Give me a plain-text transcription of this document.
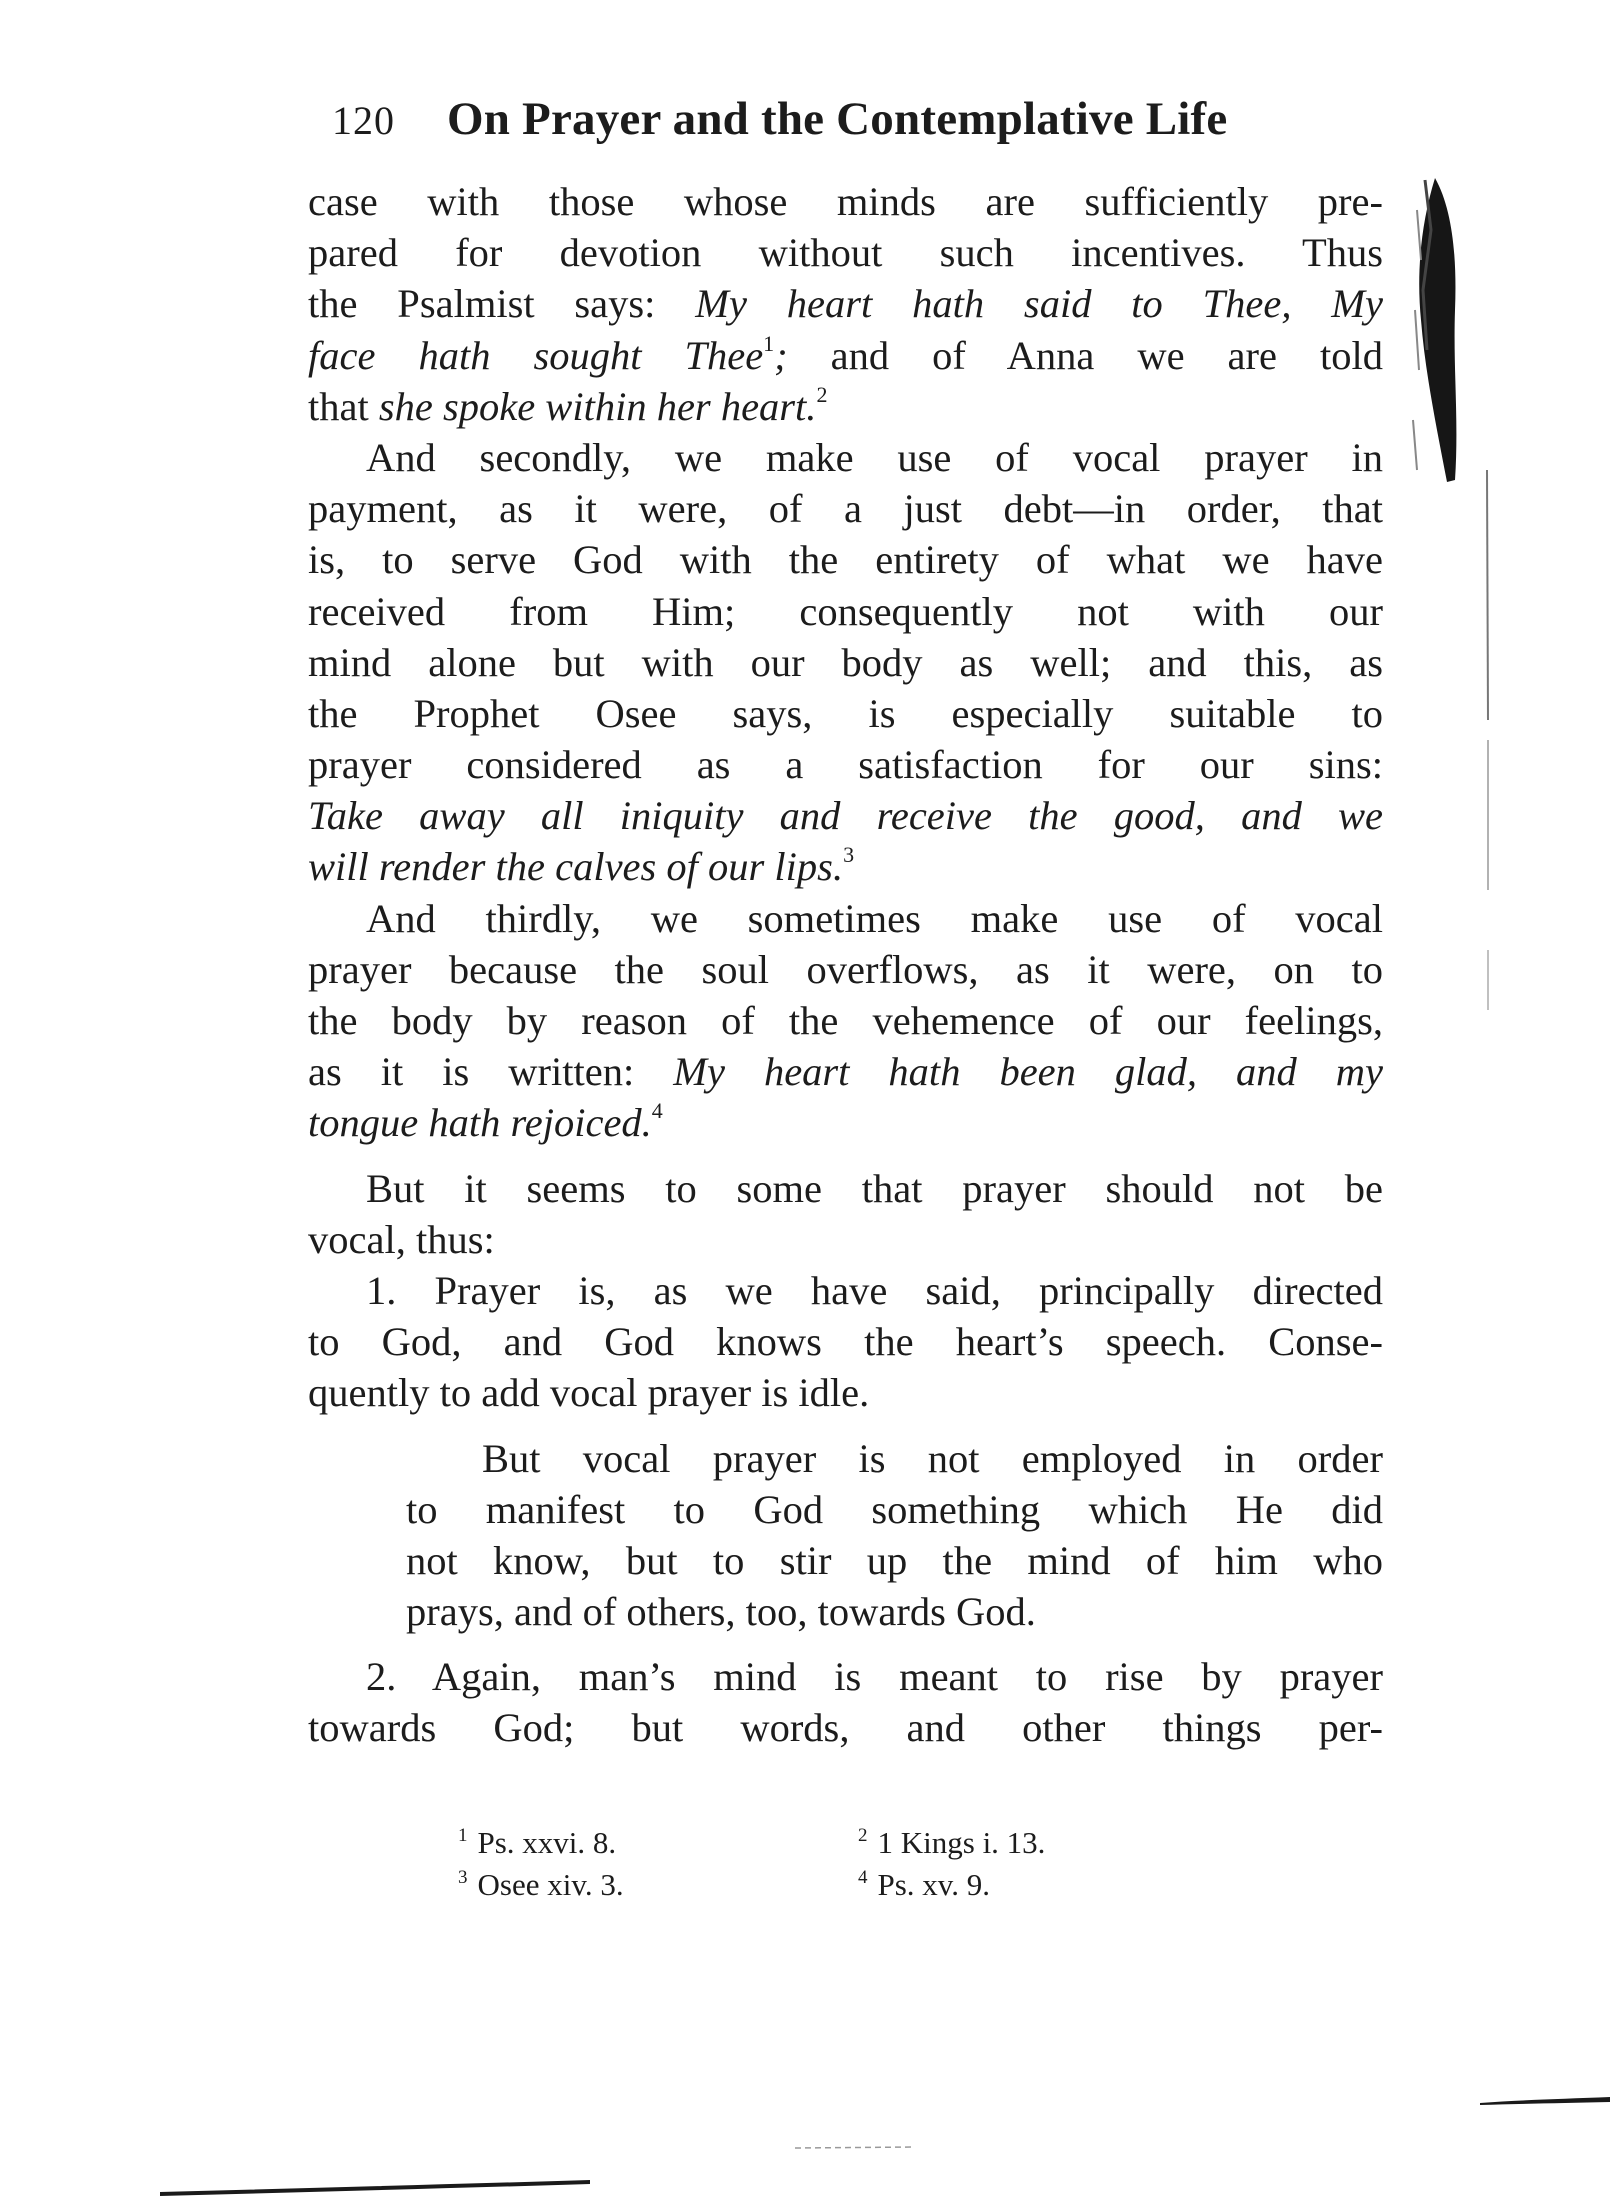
120 On Prayer and the Contemplative Life
case with those whose minds are sufficiently pre-
pared for devotion without such incentives. Thus
the Psalmist says: My heart hath said to Thee, My
face hath sought Thee$^1$; and of Anna we are told
that she spoke within her heart.$^2$
And secondly, we make use of vocal prayer in
payment, as it were, of a just debt—in order, that
is, to serve God with the entirety of what we have
received from Him; consequently not with our
mind alone but with our body as well; and this, as
the Prophet Osee says, is especially suitable to
prayer considered as a satisfaction for our sins:
Take away all iniquity and receive the good, and we
will render the calves of our lips.$^3$
And thirdly, we sometimes make use of vocal
prayer because the soul overflows, as it were, on to
the body by reason of the vehemence of our feelings,
as it is written: My heart hath been glad, and my
tongue hath rejoiced.$^4$
But it seems to some that prayer should not be
vocal, thus:
1. Prayer is, as we have said, principally directed
to God, and God knows the heart’s speech. Conse-
quently to add vocal prayer is idle.
But vocal prayer is not employed in order
to manifest to God something which He did
not know, but to stir up the mind of him who
prays, and of others, too, towards God.
2. Again, man’s mind is meant to rise by prayer
towards God; but words, and other things per-
$^1$ Ps. xxvi. 8.	$^2$ 1 Kings i. 13.
$^3$ Osee xiv. 3.	$^4$ Ps. xv. 9.
